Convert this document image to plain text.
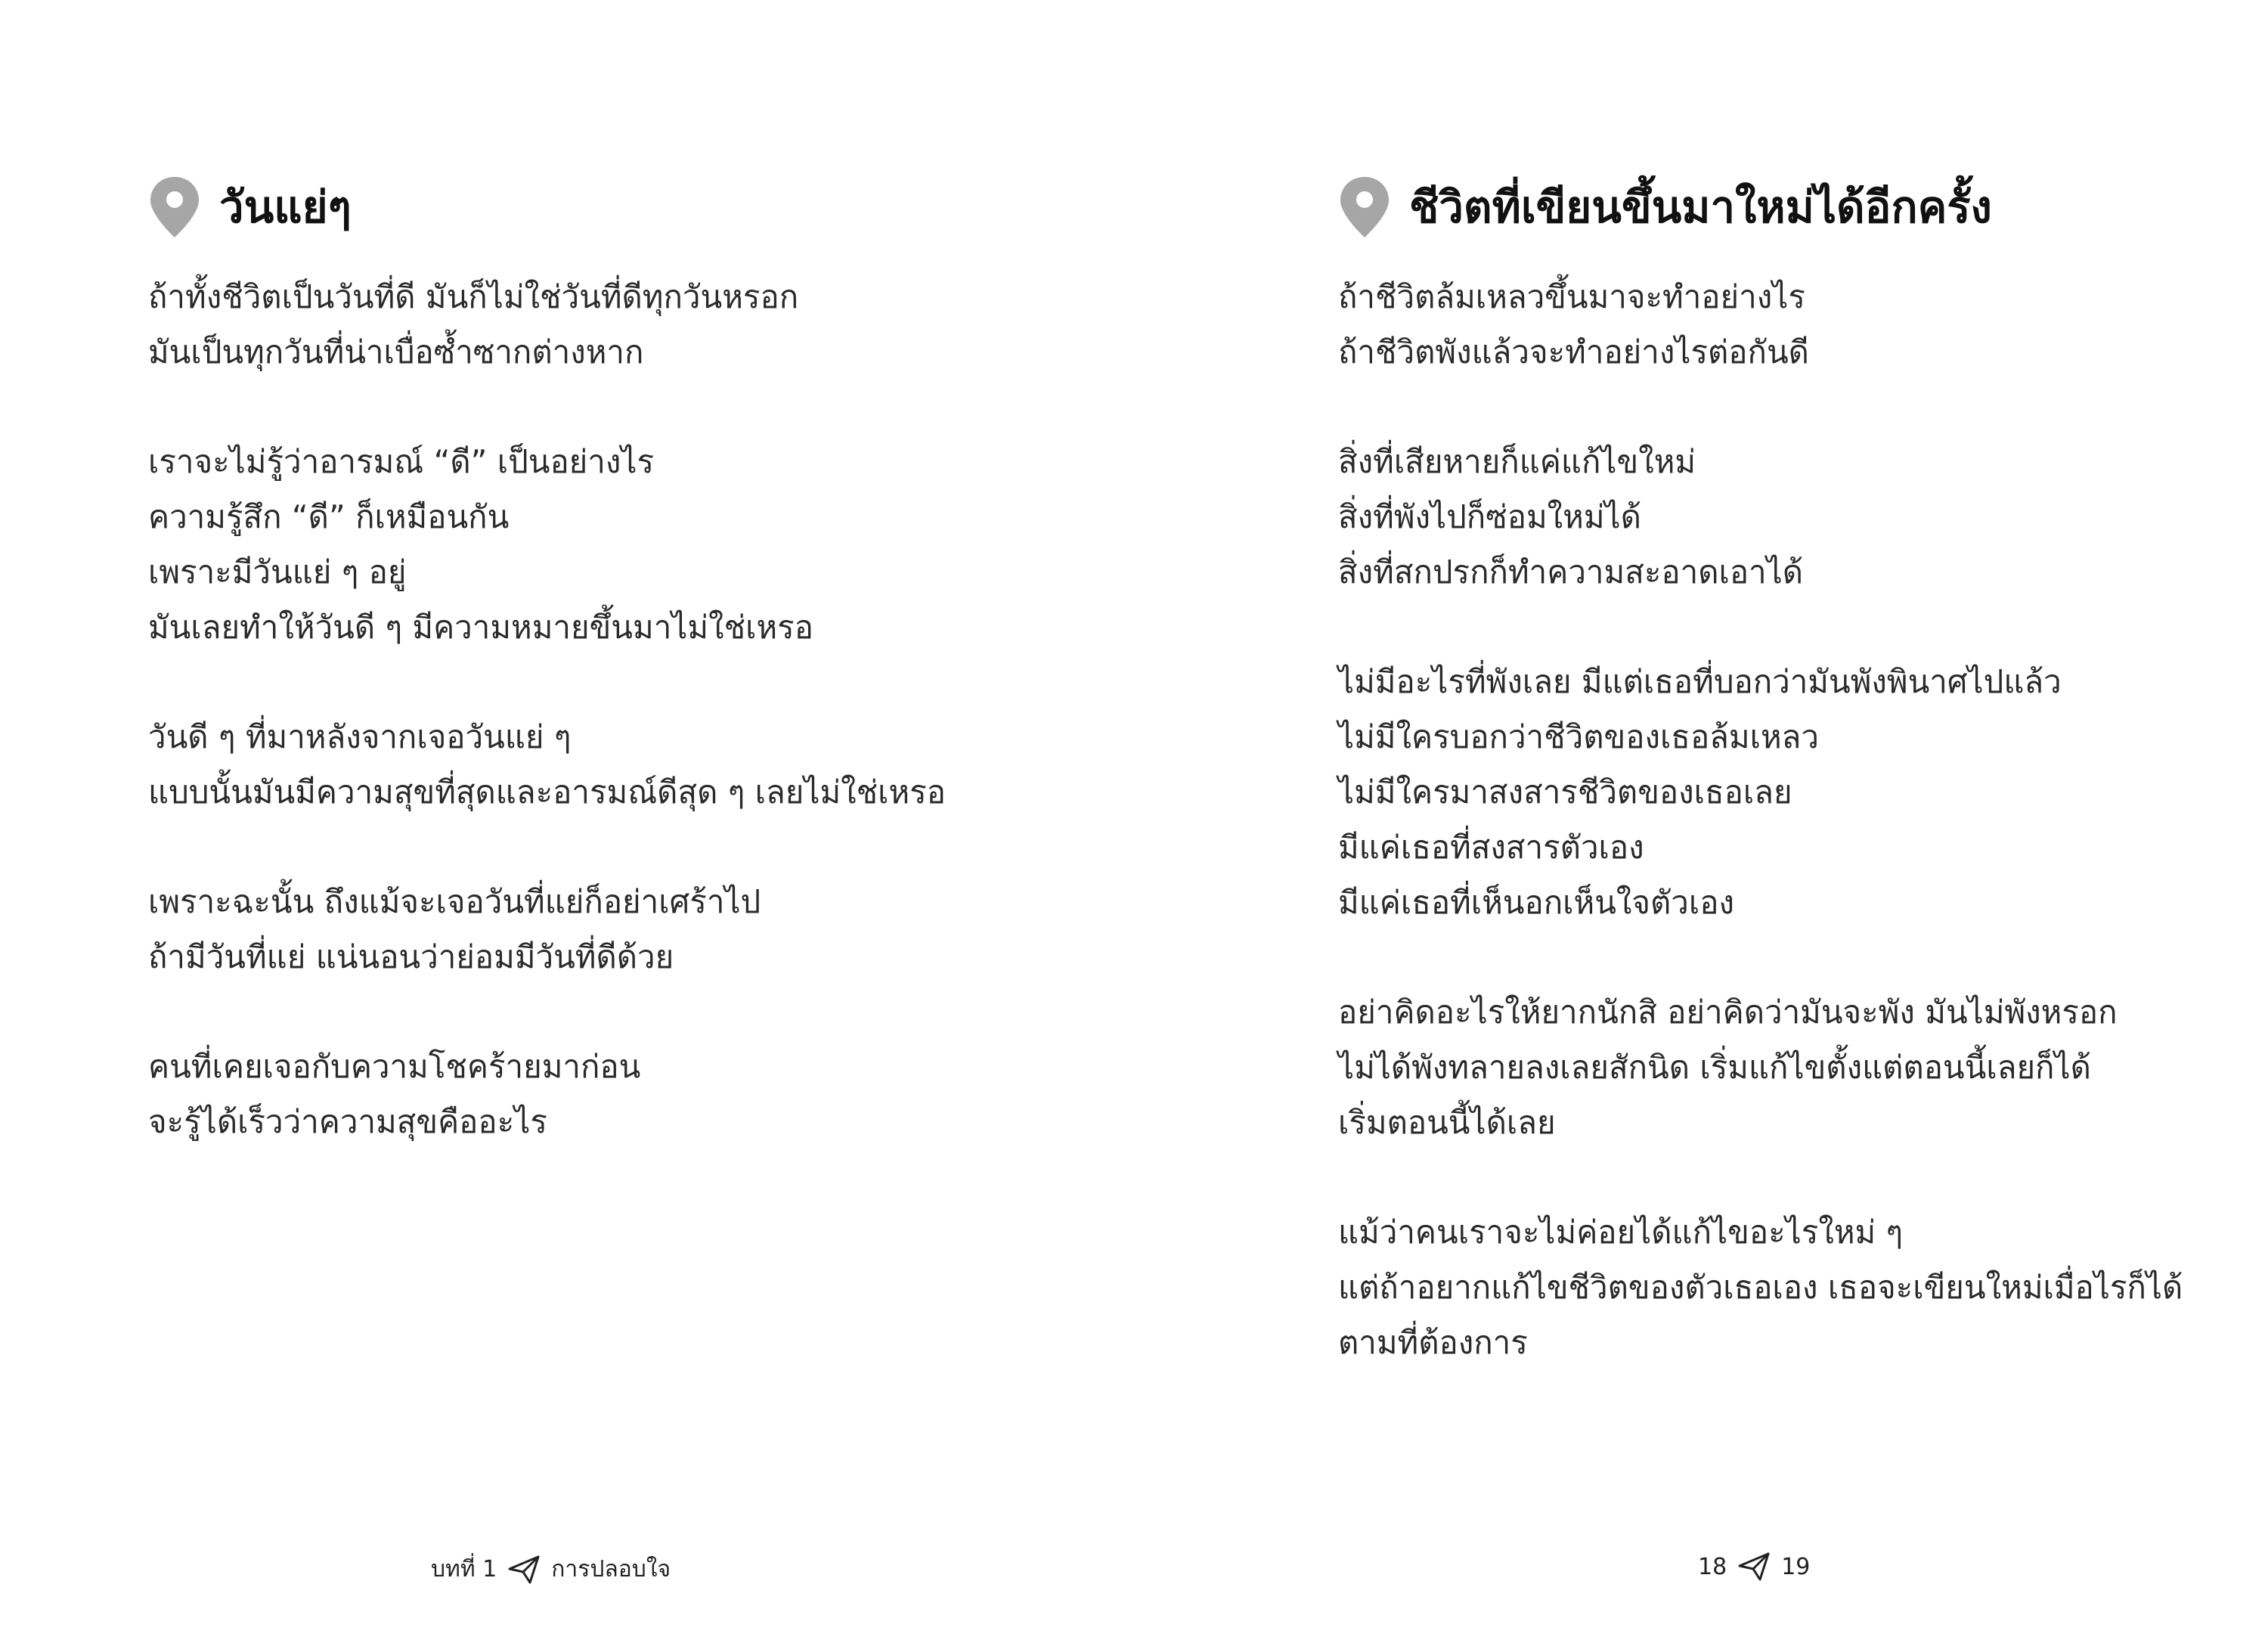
วันแย่ๆ
ถ้าทั้งชีวิตเป็นวันที่ดี มันก็ไม่ใช่วันที่ดีทุกวันหรอก
มันเป็นทุกวันที่น่าเบื่อซ้ำซากต่างหาก
เราจะไม่รู้ว่าอารมณ์ “ดี” เป็นอย่างไร
ความรู้สึก “ดี” ก็เหมือนกัน
เพราะมีวันแย่ ๆ อยู่
มันเลยทำให้วันดี ๆ มีความหมายขึ้นมาไม่ใช่เหรอ
วันดี ๆ ที่มาหลังจากเจอวันแย่ ๆ
แบบนั้นมันมีความสุขที่สุดและอารมณ์ดีสุด ๆ เลยไม่ใช่เหรอ
เพราะฉะนั้น ถึงแม้จะเจอวันที่แย่ก็อย่าเศร้าไป
ถ้ามีวันที่แย่ แน่นอนว่าย่อมมีวันที่ดีด้วย
คนที่เคยเจอกับความโชคร้ายมาก่อน
จะรู้ได้เร็วว่าความสุขคืออะไร
บทที่ 1 การปลอบใจ
ชีวิตที่เขียนขึ้นมาใหม่ได้อีกครั้ง
ถ้าชีวิตล้มเหลวขึ้นมาจะทำอย่างไร
ถ้าชีวิตพังแล้วจะทำอย่างไรต่อกันดี
สิ่งที่เสียหายก็แค่แก้ไขใหม่
สิ่งที่พังไปก็ซ่อมใหม่ได้
สิ่งที่สกปรกก็ทำความสะอาดเอาได้
ไม่มีอะไรที่พังเลย มีแต่เธอที่บอกว่ามันพังพินาศไปแล้ว
ไม่มีใครบอกว่าชีวิตของเธอล้มเหลว
ไม่มีใครมาสงสารชีวิตของเธอเลย
มีแค่เธอที่สงสารตัวเอง
มีแค่เธอที่เห็นอกเห็นใจตัวเอง
อย่าคิดอะไรให้ยากนักสิ อย่าคิดว่ามันจะพัง มันไม่พังหรอก
ไม่ได้พังทลายลงเลยสักนิด เริ่มแก้ไขตั้งแต่ตอนนี้เลยก็ได้
เริ่มตอนนี้ได้เลย
แม้ว่าคนเราจะไม่ค่อยได้แก้ไขอะไรใหม่ ๆ
แต่ถ้าอยากแก้ไขชีวิตของตัวเธอเอง เธอจะเขียนใหม่เมื่อไรก็ได้
ตามที่ต้องการ
18 19
